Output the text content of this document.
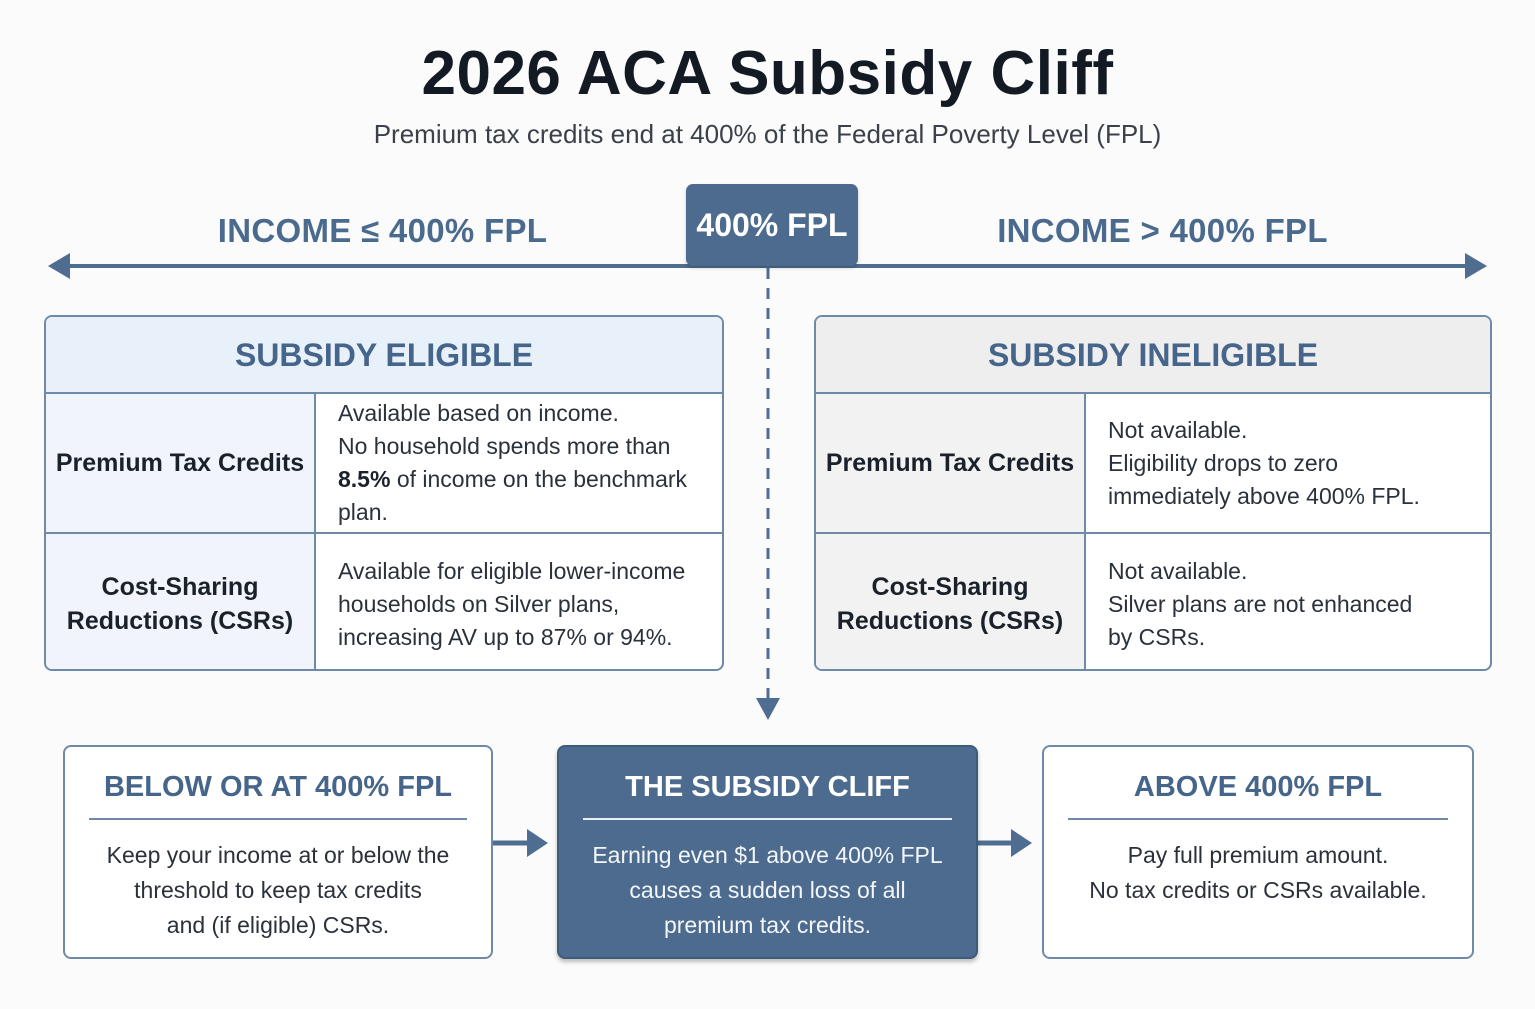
2026 ACA Subsidy Cliff
Premium tax credits end at 400% of the Federal Poverty Level (FPL)
INCOME ≤ 400% FPL	INCOME > 400% FPL
400% FPL
SUBSIDY ELIGIBLE
Premium Tax Credits
Available based on income.
No household spends more than
8.5% of income on the benchmark plan.
Cost-Sharing
Reductions (CSRs)
Available for eligible lower-income
households on Silver plans,
increasing AV up to 87% or 94%.
SUBSIDY INELIGIBLE
Premium Tax Credits
Not available.
Eligibility drops to zero
immediately above 400% FPL.
Cost-Sharing
Reductions (CSRs)
Not available.
Silver plans are not enhanced
by CSRs.
BELOW OR AT 400% FPL
Keep your income at or below the
threshold to keep tax credits
and (if eligible) CSRs.
THE SUBSIDY CLIFF
Earning even $1 above 400% FPL
causes a sudden loss of all
premium tax credits.
ABOVE 400% FPL
Pay full premium amount.
No tax credits or CSRs available.
